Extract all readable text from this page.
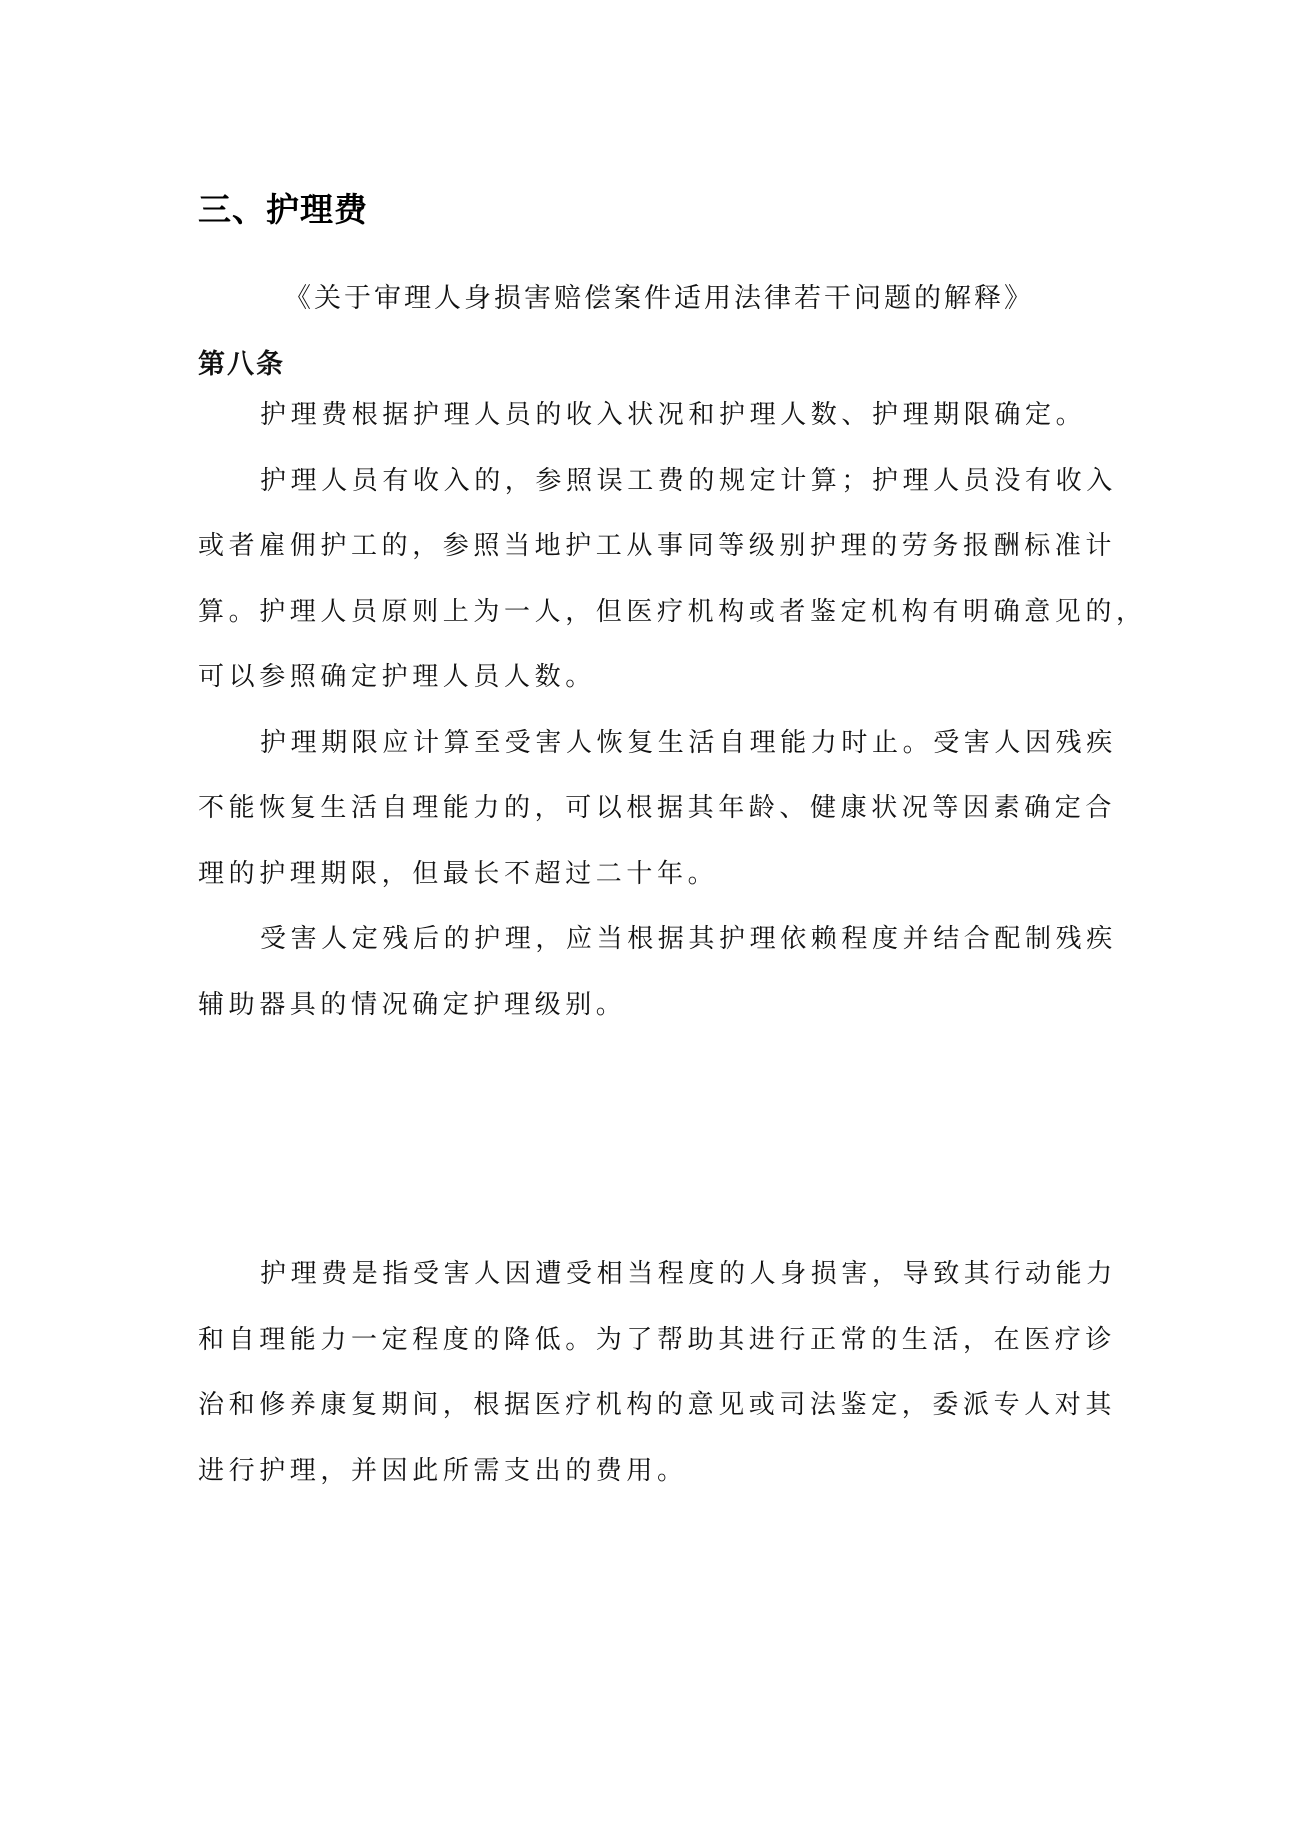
三、护理费
《关于审理人身损害赔偿案件适用法律若干问题的解释》
第八条
护理费根据护理人员的收入状况和护理人数、护理期限确定。
护理人员有收入的，参照误工费的规定计算；护理人员没有收入
或者雇佣护工的，参照当地护工从事同等级别护理的劳务报酬标准计
算。护理人员原则上为一人，但医疗机构或者鉴定机构有明确意见的，
可以参照确定护理人员人数。
护理期限应计算至受害人恢复生活自理能力时止。受害人因残疾
不能恢复生活自理能力的，可以根据其年龄、健康状况等因素确定合
理的护理期限，但最长不超过二十年。
受害人定残后的护理，应当根据其护理依赖程度并结合配制残疾
辅助器具的情况确定护理级别。
护理费是指受害人因遭受相当程度的人身损害，导致其行动能力
和自理能力一定程度的降低。为了帮助其进行正常的生活，在医疗诊
治和修养康复期间，根据医疗机构的意见或司法鉴定，委派专人对其
进行护理，并因此所需支出的费用。
